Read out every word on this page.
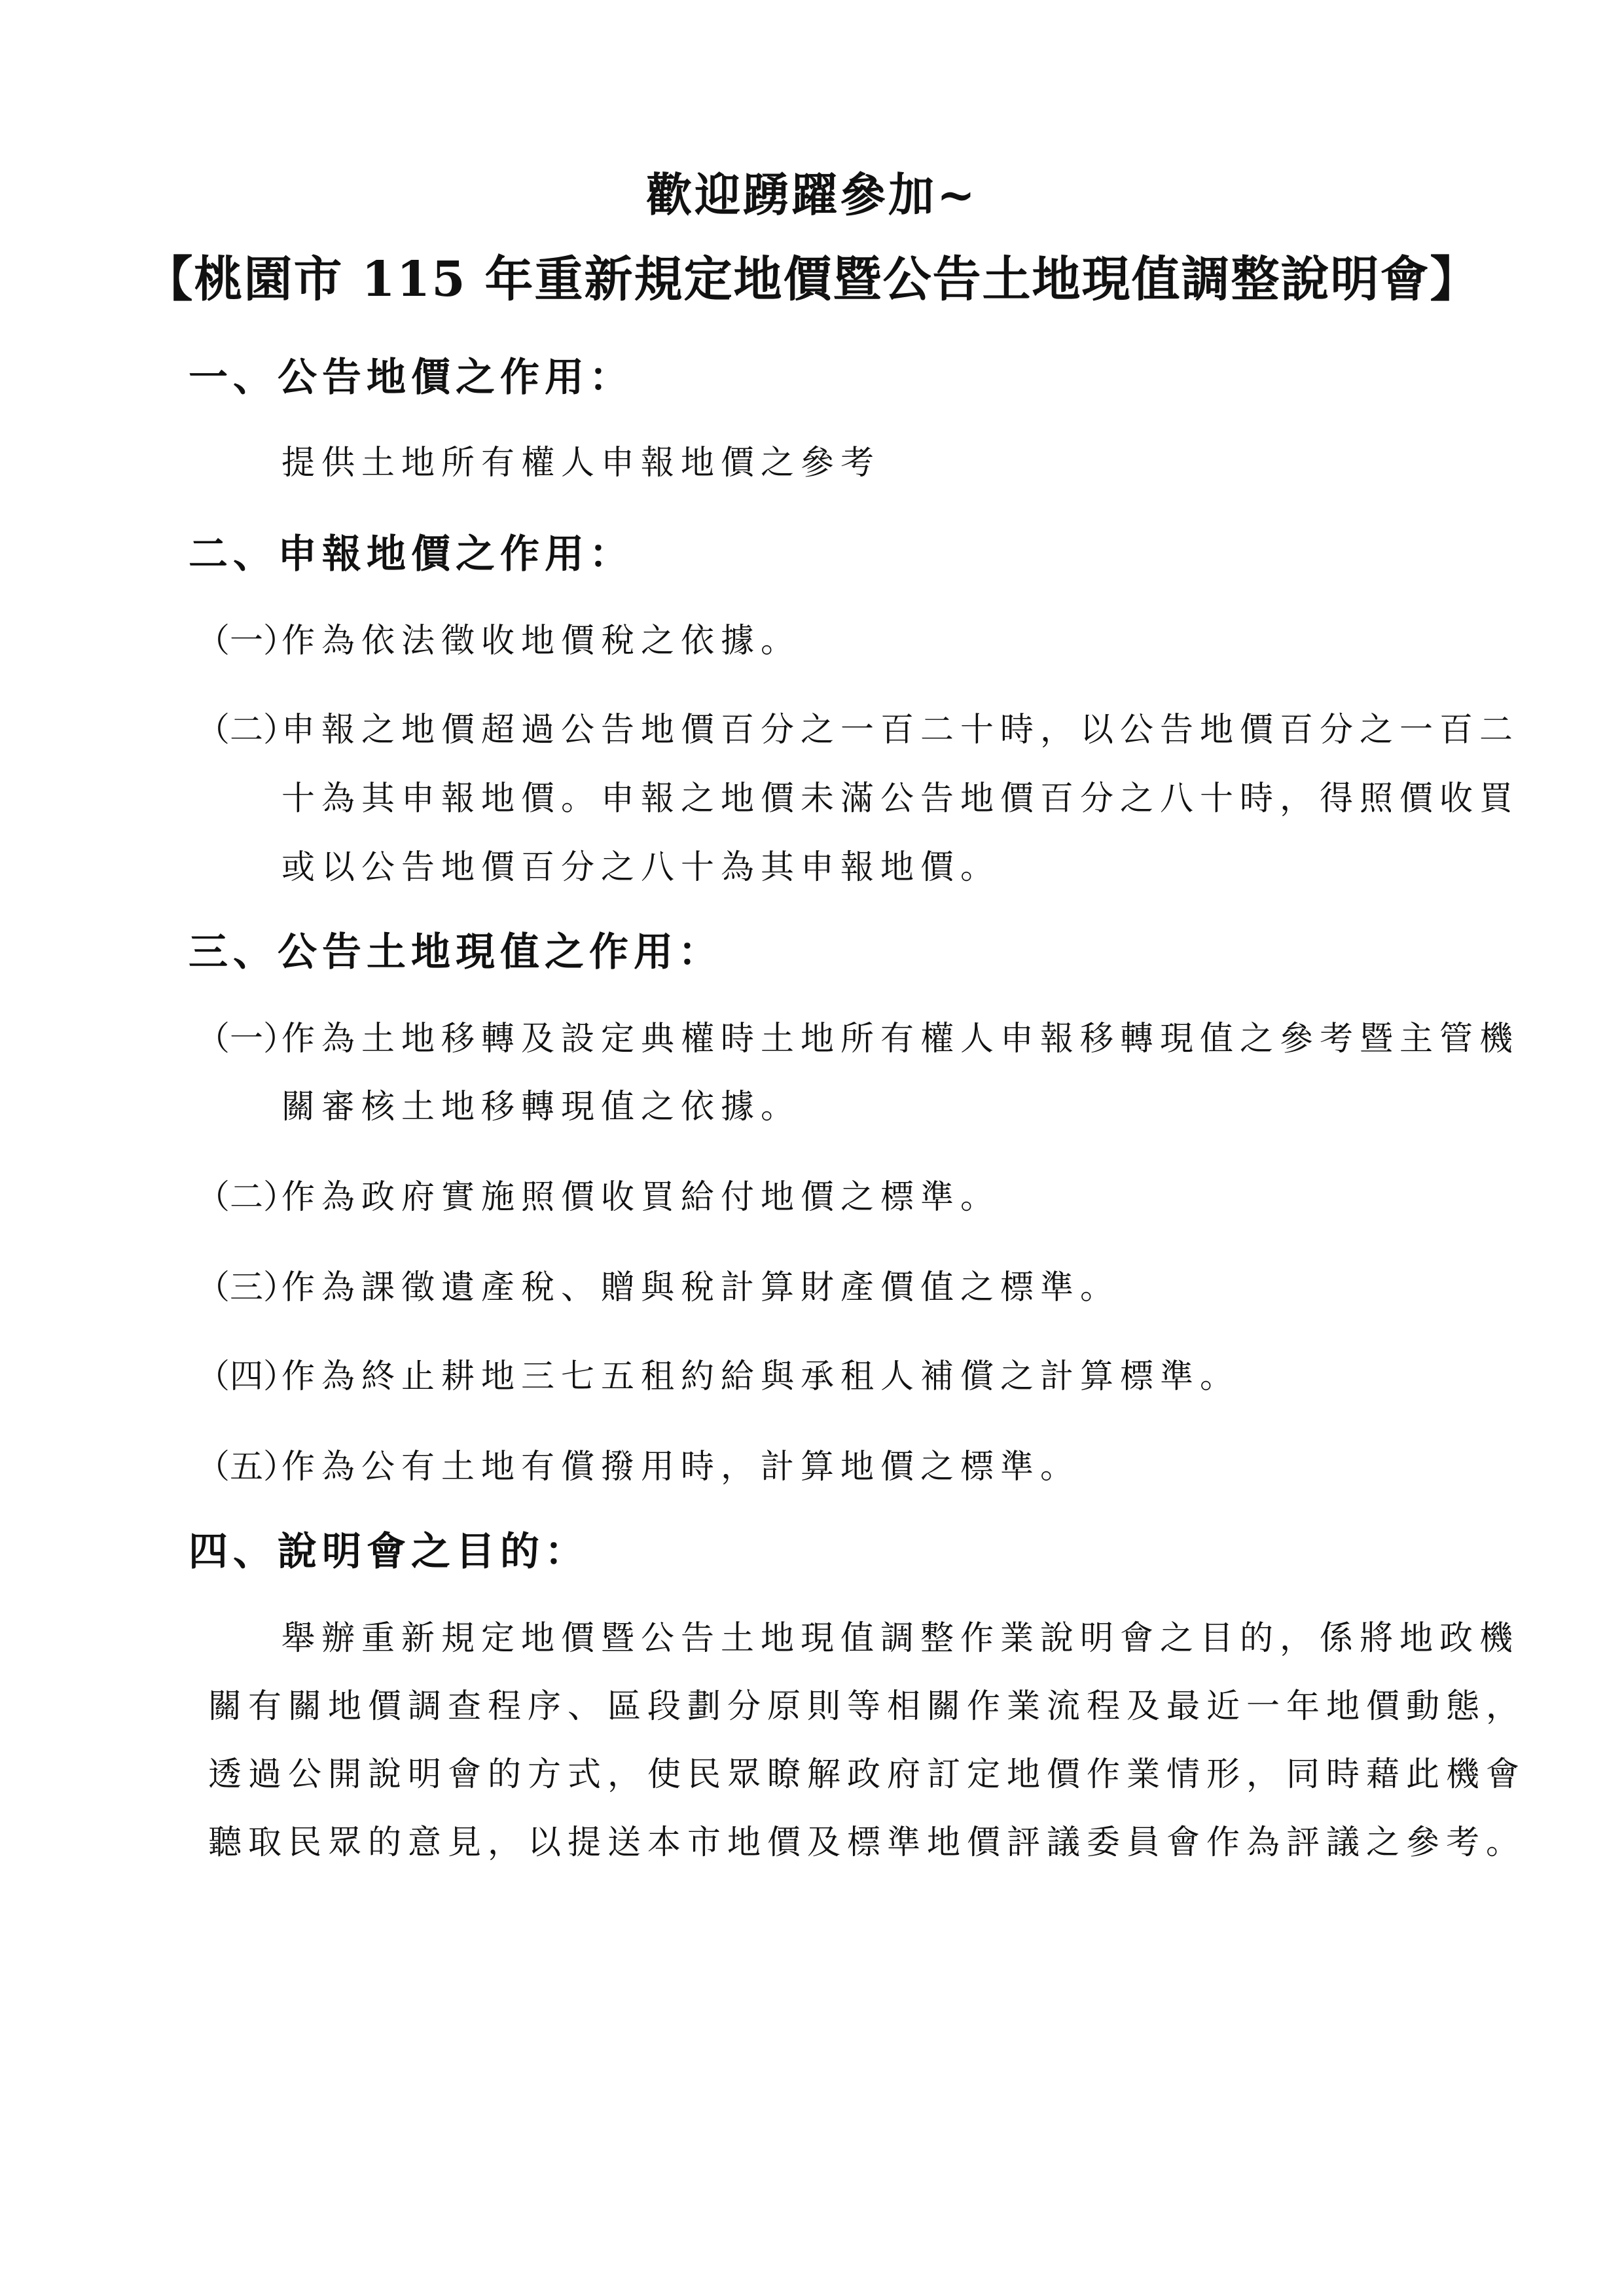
歡迎踴躍參加~
【桃園市 115 年重新規定地價暨公告土地現值調整說明會】
一、公告地價之作用：
提供土地所有權人申報地價之參考
二、申報地價之作用：
（一）作為依法徵收地價稅之依據。
（二）申報之地價超過公告地價百分之一百二十時，以公告地價百分之一百二
十為其申報地價。申報之地價未滿公告地價百分之八十時，得照價收買
或以公告地價百分之八十為其申報地價。
三、公告土地現值之作用：
（一）作為土地移轉及設定典權時土地所有權人申報移轉現值之參考暨主管機
關審核土地移轉現值之依據。
（二）作為政府實施照價收買給付地價之標準。
（三）作為課徵遺產稅、贈與稅計算財產價值之標準。
（四）作為終止耕地三七五租約給與承租人補償之計算標準。
（五）作為公有土地有償撥用時，計算地價之標準。
四、說明會之目的：
舉辦重新規定地價暨公告土地現值調整作業說明會之目的，係將地政機
關有關地價調查程序、區段劃分原則等相關作業流程及最近一年地價動態，
透過公開說明會的方式，使民眾瞭解政府訂定地價作業情形，同時藉此機會
聽取民眾的意見，以提送本市地價及標準地價評議委員會作為評議之參考。
